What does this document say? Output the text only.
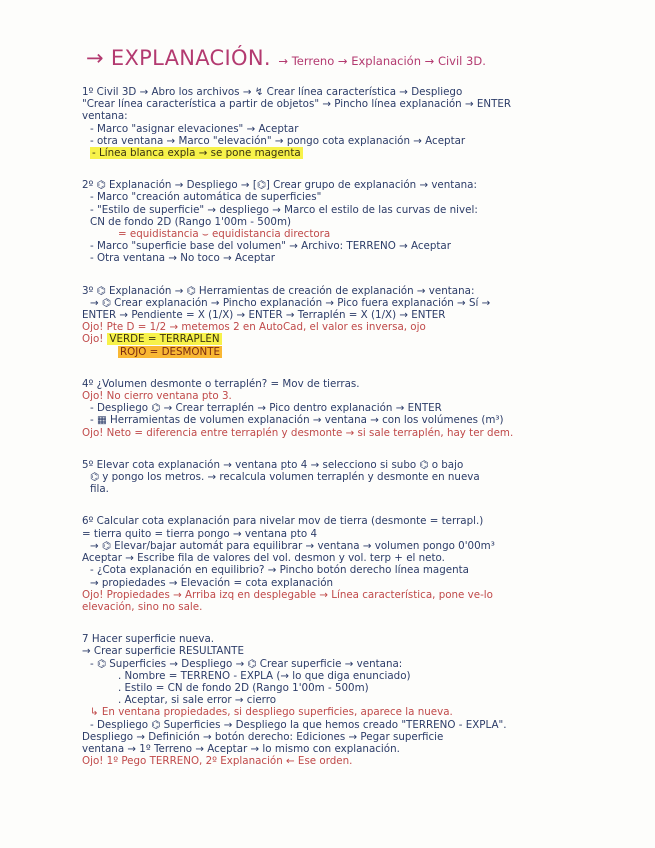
→ EXPLANACIÓN. → Terreno → Explanación → Civil 3D.
1º Civil 3D → Abro los archivos → ↯ Crear línea característica → Despliego
"Crear línea característica a partir de objetos" → Pincho línea explanación → ENTER
ventana:
- Marco "asignar elevaciones" → Aceptar
- otra ventana → Marco "elevación" → pongo cota explanación → Aceptar
- Línea blanca expla → se pone magenta
2º ⌬ Explanación → Despliego → [⌬] Crear grupo de explanación → ventana:
- Marco "creación automática de superficies"
- "Estilo de superficie" → despliego → Marco el estilo de las curvas de nivel:
CN de fondo 2D (Rango 1'00m - 500m)
= equidistancia ⌣ equidistancia directora
- Marco "superficie base del volumen" → Archivo: TERRENO → Aceptar
- Otra ventana → No toco → Aceptar
3º ⌬ Explanación → ⌬ Herramientas de creación de explanación → ventana:
→ ⌬ Crear explanación → Pincho explanación → Pico fuera explanación → Sí →
ENTER → Pendiente = X (1/X) → ENTER → Terraplén = X (1/X) → ENTER
Ojo! Pte D = 1/2 → metemos 2 en AutoCad, el valor es inversa, ojo
Ojo! VERDE = TERRAPLÉN
ROJO = DESMONTE
4º ¿Volumen desmonte o terraplén? = Mov de tierras.
Ojo! No cierro ventana pto 3.
- Despliego ⌬ → Crear terraplén → Pico dentro explanación → ENTER
- ▦ Herramientas de volumen explanación → ventana → con los volúmenes (m³)
Ojo! Neto = diferencia entre terraplén y desmonte → si sale terraplén, hay ter dem.
5º Elevar cota explanación → ventana pto 4 → selecciono si subo ⌬ o bajo
⌬ y pongo los metros. → recalcula volumen terraplén y desmonte en nueva
fila.
6º Calcular cota explanación para nivelar mov de tierra (desmonte = terrapl.)
= tierra quito = tierra pongo → ventana pto 4
→ ⌬ Elevar/bajar automát para equilibrar → ventana → volumen pongo 0'00m³
Aceptar → Escribe fila de valores del vol. desmon y vol. terp + el neto.
- ¿Cota explanación en equilibrio? → Pincho botón derecho línea magenta
→ propiedades → Elevación = cota explanación
Ojo! Propiedades → Arriba izq en desplegable → Línea característica, pone ve-lo
elevación, sino no sale.
7 Hacer superficie nueva.
→ Crear superficie RESULTANTE
- ⌬ Superficies → Despliego → ⌬ Crear superficie → ventana:
. Nombre = TERRENO - EXPLA (→ lo que diga enunciado)
. Estilo = CN de fondo 2D (Rango 1'00m - 500m)
. Aceptar, si sale error → cierro
↳ En ventana propiedades, si despliego superficies, aparece la nueva.
- Despliego ⌬ Superficies → Despliego la que hemos creado "TERRENO - EXPLA".
Despliego → Definición → botón derecho: Ediciones → Pegar superficie
ventana → 1º Terreno → Aceptar → lo mismo con explanación.
Ojo! 1º Pego TERRENO, 2º Explanación ← Ese orden.
